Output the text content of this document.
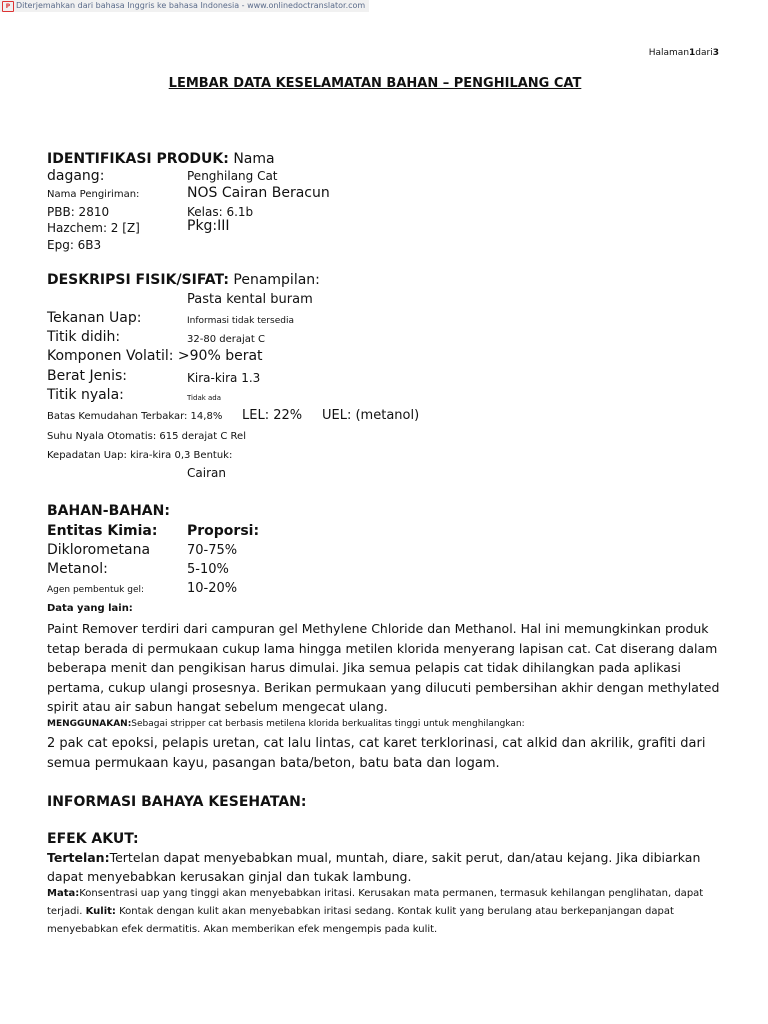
P Diterjemahkan dari bahasa Inggris ke bahasa Indonesia - www.onlinedoctranslator.com
Halaman1dari3
LEMBAR DATA KESELAMATAN BAHAN – PENGHILANG CAT
IDENTIFIKASI PRODUK: Nama
dagang:	Penghilang Cat
Nama Pengiriman:	NOS Cairan Beracun
PBB: 2810	Kelas: 6.1b
Hazchem: 2 [Z]	Pkg:III
Epg: 6B3
DESKRIPSI FISIK/SIFAT: Penampilan:
Pasta kental buram
Tekanan Uap:	Informasi tidak tersedia
Titik didih:	32-80 derajat C
Komponen Volatil: >90% berat
Berat Jenis:	Kira-kira 1.3
Titik nyala:	Tidak ada
Batas Kemudahan Terbakar: 14,8% LEL: 22% UEL: (metanol)
Suhu Nyala Otomatis: 615 derajat C Rel
Kepadatan Uap: kira-kira 0,3 Bentuk:
Cairan
BAHAN-BAHAN:
Entitas Kimia: Proporsi:
Diklorometana	70-75%
Metanol:	5-10%
Agen pembentuk gel:	10-20%
Data yang lain:
Paint Remover terdiri dari campuran gel Methylene Chloride dan Methanol. Hal ini memungkinkan produk tetap berada di permukaan cukup lama hingga metilen klorida menyerang lapisan cat. Cat diserang dalam beberapa menit dan pengikisan harus dimulai. Jika semua pelapis cat tidak dihilangkan pada aplikasi pertama, cukup ulangi prosesnya. Berikan permukaan yang dilucuti pembersihan akhir dengan methylated spirit atau air sabun hangat sebelum mengecat ulang.
MENGGUNAKAN:Sebagai stripper cat berbasis metilena klorida berkualitas tinggi untuk menghilangkan:
2 pak cat epoksi, pelapis uretan, cat lalu lintas, cat karet terklorinasi, cat alkid dan akrilik, grafiti dari semua permukaan kayu, pasangan bata/beton, batu bata dan logam.
INFORMASI BAHAYA KESEHATAN:
EFEK AKUT:
Tertelan:Tertelan dapat menyebabkan mual, muntah, diare, sakit perut, dan/atau kejang. Jika dibiarkan dapat menyebabkan kerusakan ginjal dan tukak lambung.
Mata:Konsentrasi uap yang tinggi akan menyebabkan iritasi. Kerusakan mata permanen, termasuk kehilangan penglihatan, dapat terjadi. Kulit: Kontak dengan kulit akan menyebabkan iritasi sedang. Kontak kulit yang berulang atau berkepanjangan dapat menyebabkan efek dermatitis. Akan memberikan efek mengempis pada kulit.
